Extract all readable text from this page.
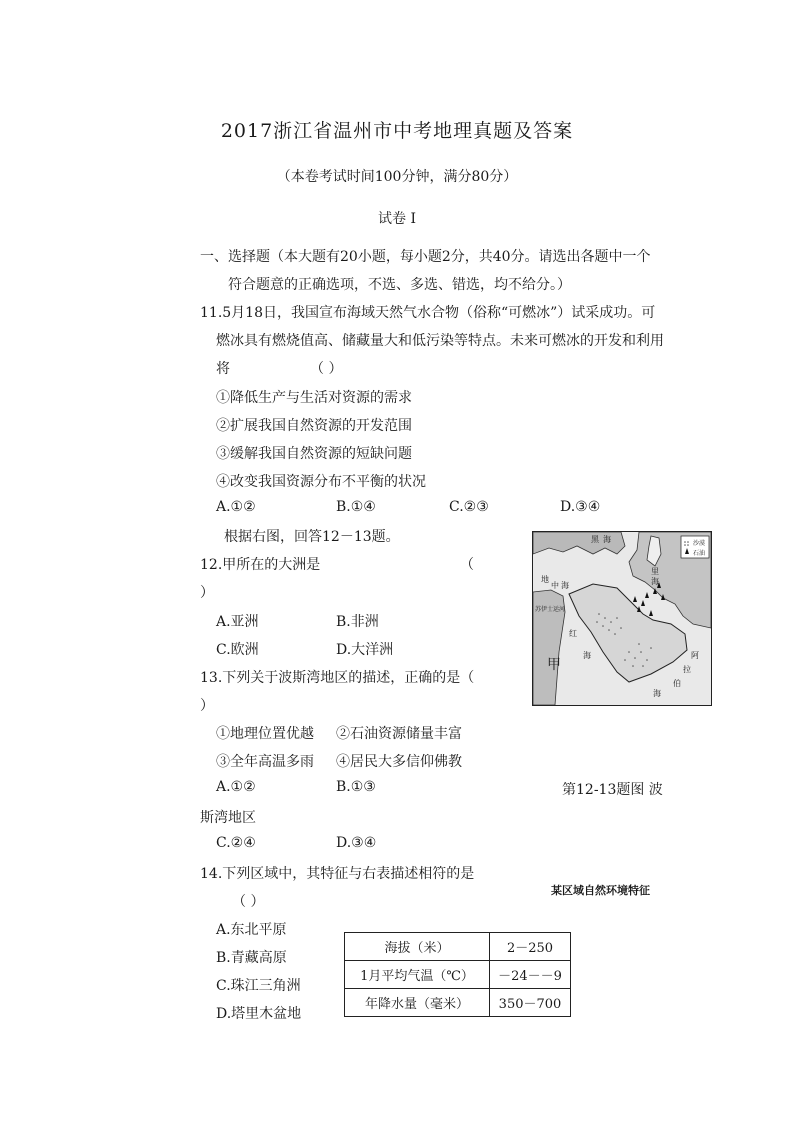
2017浙江省温州市中考地理真题及答案
（本卷考试时间100分钟，满分80分）
试卷 I
一、选择题（本大题有20小题，每小题2分，共40分。请选出各题中一个
符合题意的正确选项，不选、多选、错选，均不给分。）
11.5月18日，我国宣布海域天然气水合物（俗称“可燃冰”）试采成功。可
燃冰具有燃烧值高、储藏量大和低污染等特点。未来可燃冰的开发和利用
将	（ ）
①降低生产与生活对资源的需求
②扩展我国自然资源的开发范围
③缓解我国自然资源的短缺问题
④改变我国资源分布不平衡的状况
A.①②	B.①④	C.②③	D.③④
根据右图，回答12－13题。
12.甲所在的大洲是	（
）
A.亚洲	B.非洲
C.欧洲	D.大洋洲
13.下列关于波斯湾地区的描述，正确的是（
）
①地理位置优越 ②石油资源储量丰富
③全年高温多雨 ④居民大多信仰佛教
A.①②	B.①③	第12-13题图 波
斯湾地区
C.②④	D.③④
沙漠
石油
地
中 海
苏伊士运河
红
海	阿
拉
伯
海
里
海
黑 海
甲
14.下列区域中，其特征与右表描述相符的是
某区域自然环境特征
（ ）
A.东北平原
B.青藏高原
C.珠江三角洲
D.塔里木盆地
海拔（米）	2－250
1月平均气温（℃）	－24－－9
年降水量（毫米）	350－700
